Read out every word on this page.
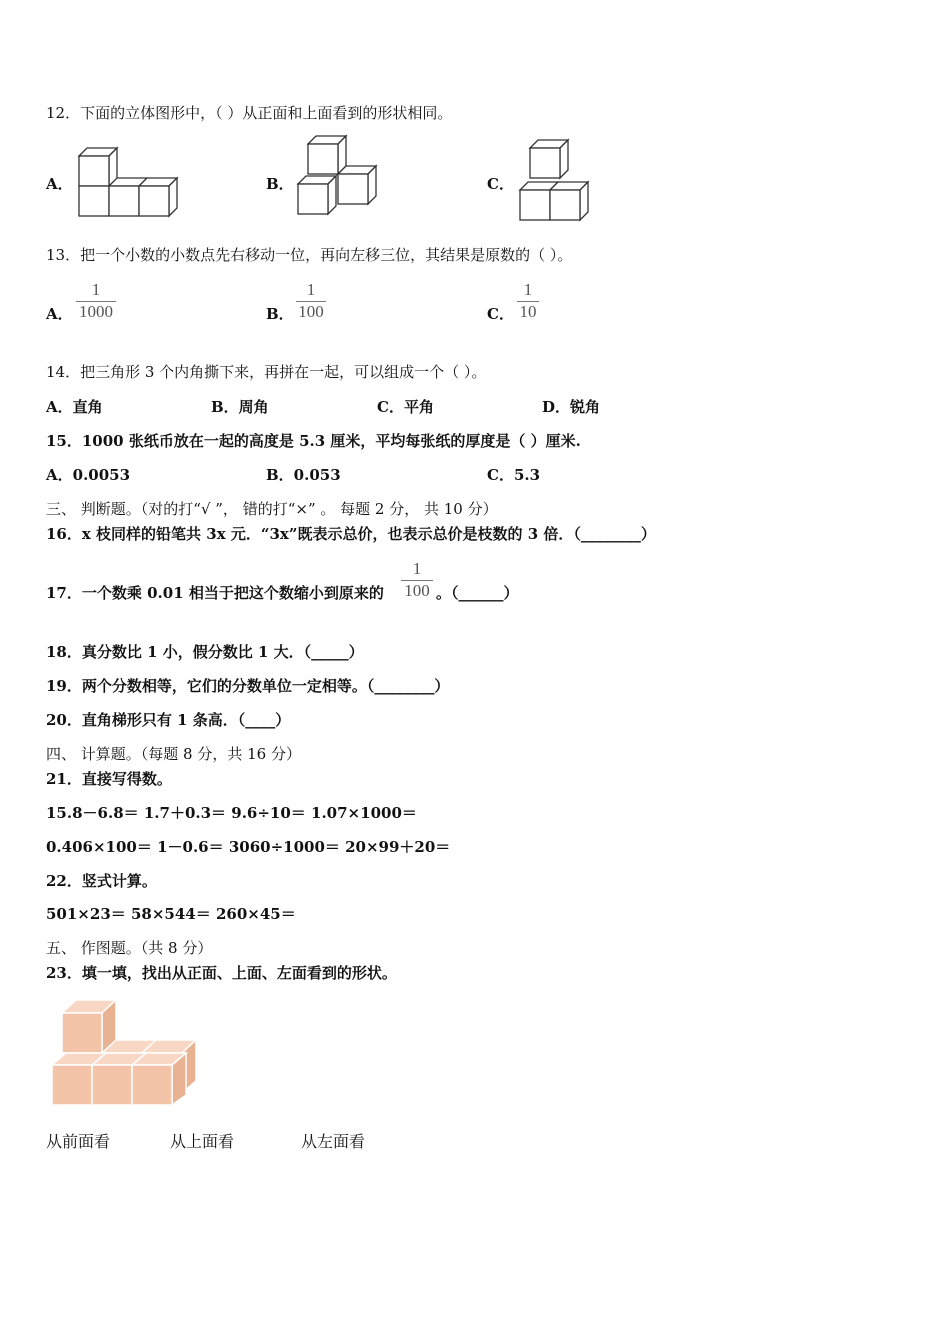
12．下面的立体图形中，（ ）从正面和上面看到的形状相同。
A．	B．	C．
13．把一个小数的小数点先右移动一位，再向左移三位，其结果是原数的（ ）。
A．
1
1000	B．
1
100	C．
1
10
14．把三角形 3 个内角撕下来，再拼在一起，可以组成一个（ ）。
A．直角	B．周角	C．平角	D．锐角
15．1000 张纸币放在一起的高度是 5.3 厘米，平均每张纸的厚度是（ ）厘米.
A．0.0053	B．0.053	C．5.3
三、 判断题。（对的打“√ ”， 错的打“×” 。 每题 2 分， 共 10 分）
16．x 枝同样的铅笔共 3x 元．“3x”既表示总价，也表示总价是枝数的 3 倍．（________）
17．一个数乘 0.01 相当于把这个数缩小到原来的
1
100 。（______）
18．真分数比 1 小，假分数比 1 大．（_____）
19．两个分数相等，它们的分数单位一定相等。（________）
20．直角梯形只有 1 条高．（____）
四、 计算题。（每题 8 分，共 16 分）
21．直接写得数。
15.8－6.8＝ 1.7＋0.3＝ 9.6÷10＝ 1.07×1000＝
0.406×100＝ 1－0.6＝ 3060÷1000＝ 20×99＋20＝
22．竖式计算。
501×23＝ 58×544＝ 260×45＝
五、 作图题。（共 8 分）
23．填一填，找出从正面、上面、左面看到的形状。
从前面看	从上面看	从左面看
